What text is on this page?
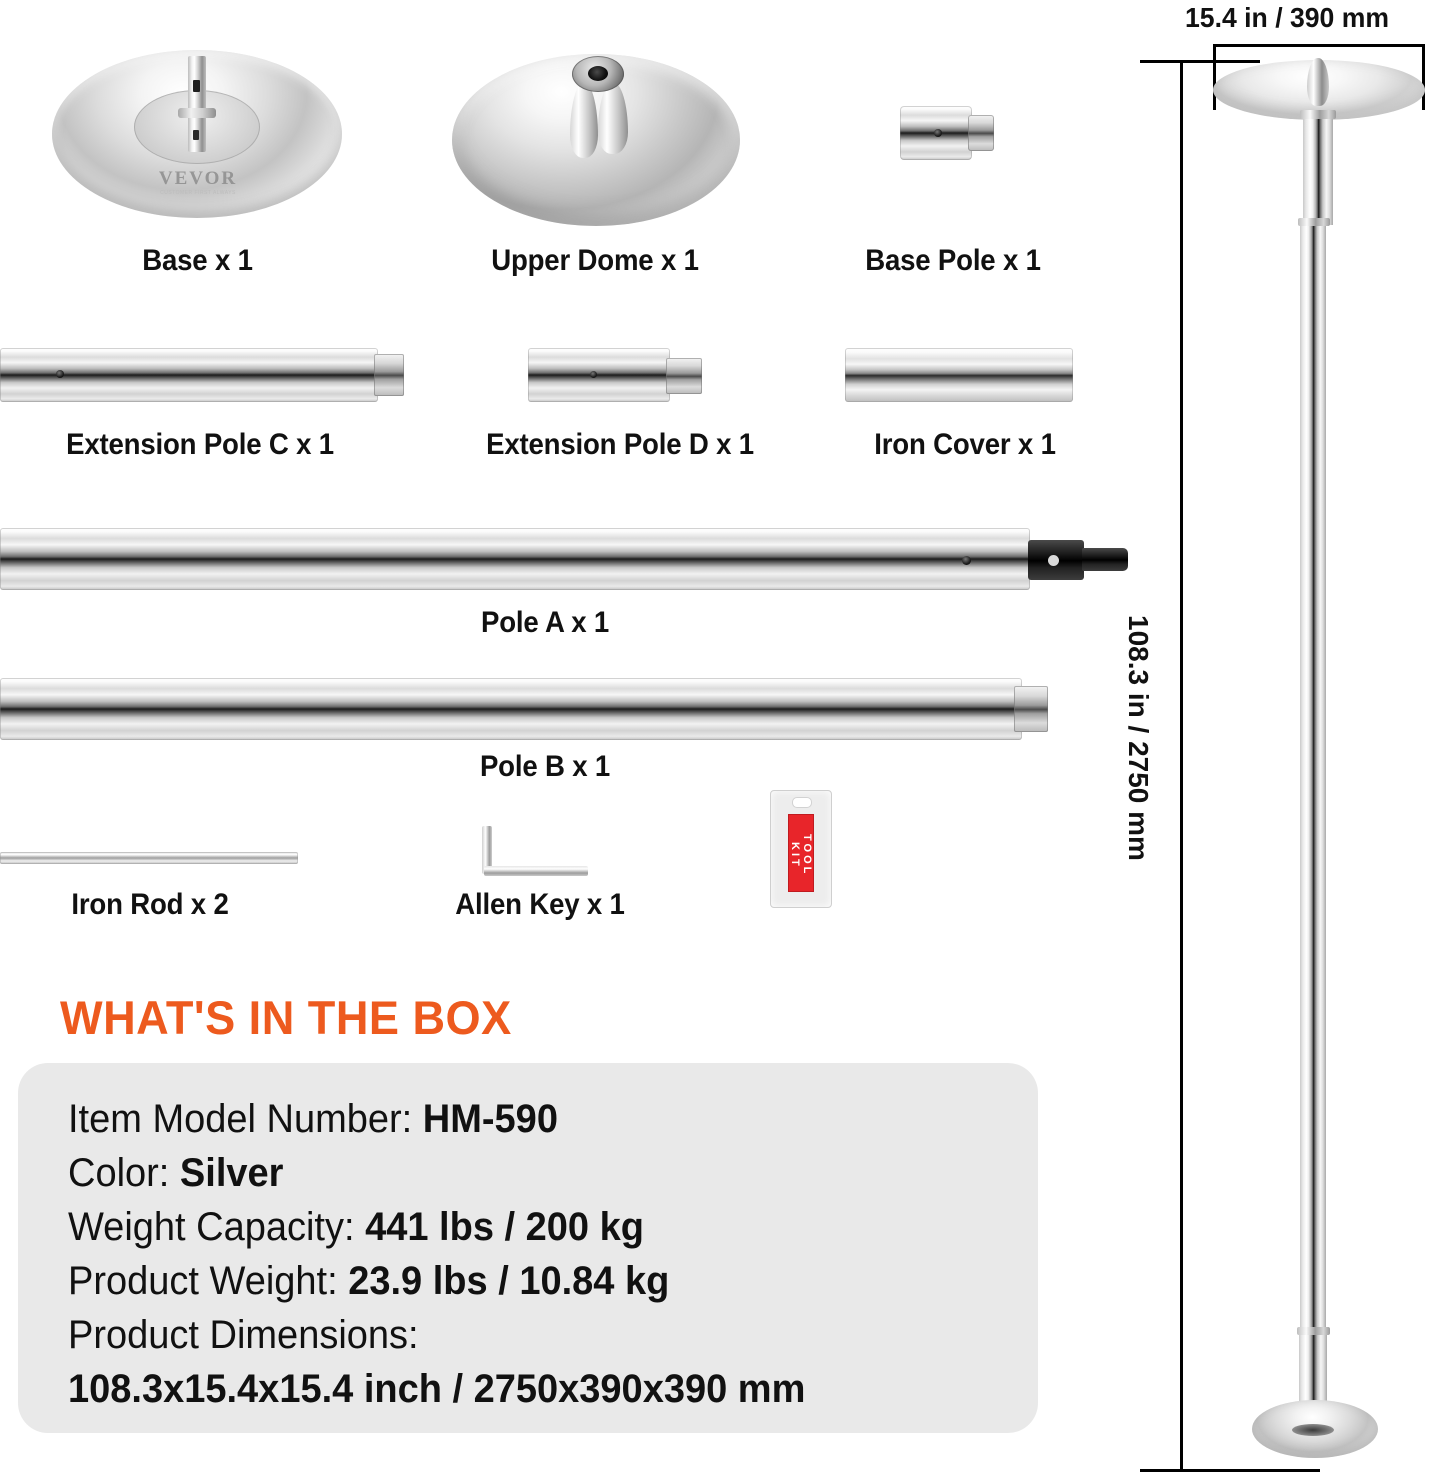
VEVOR
CUSTOMER FIRST ALWAYS
Base x 1	Upper Dome x 1	Base Pole x 1
Extension Pole C x 1	Extension Pole D x 1	Iron Cover x 1
Pole A x 1
Pole B x 1
Iron Rod x 2	Allen Key x 1
TOOL KIT
WHAT'S IN THE BOX
Item Model Number: HM-590
Color: Silver
Weight Capacity: 441 lbs / 200 kg
Product Weight: 23.9 lbs / 10.84 kg
Product Dimensions:
108.3x15.4x15.4 inch / 2750x390x390 mm
15.4 in / 390 mm
108.3 in / 2750 mm
